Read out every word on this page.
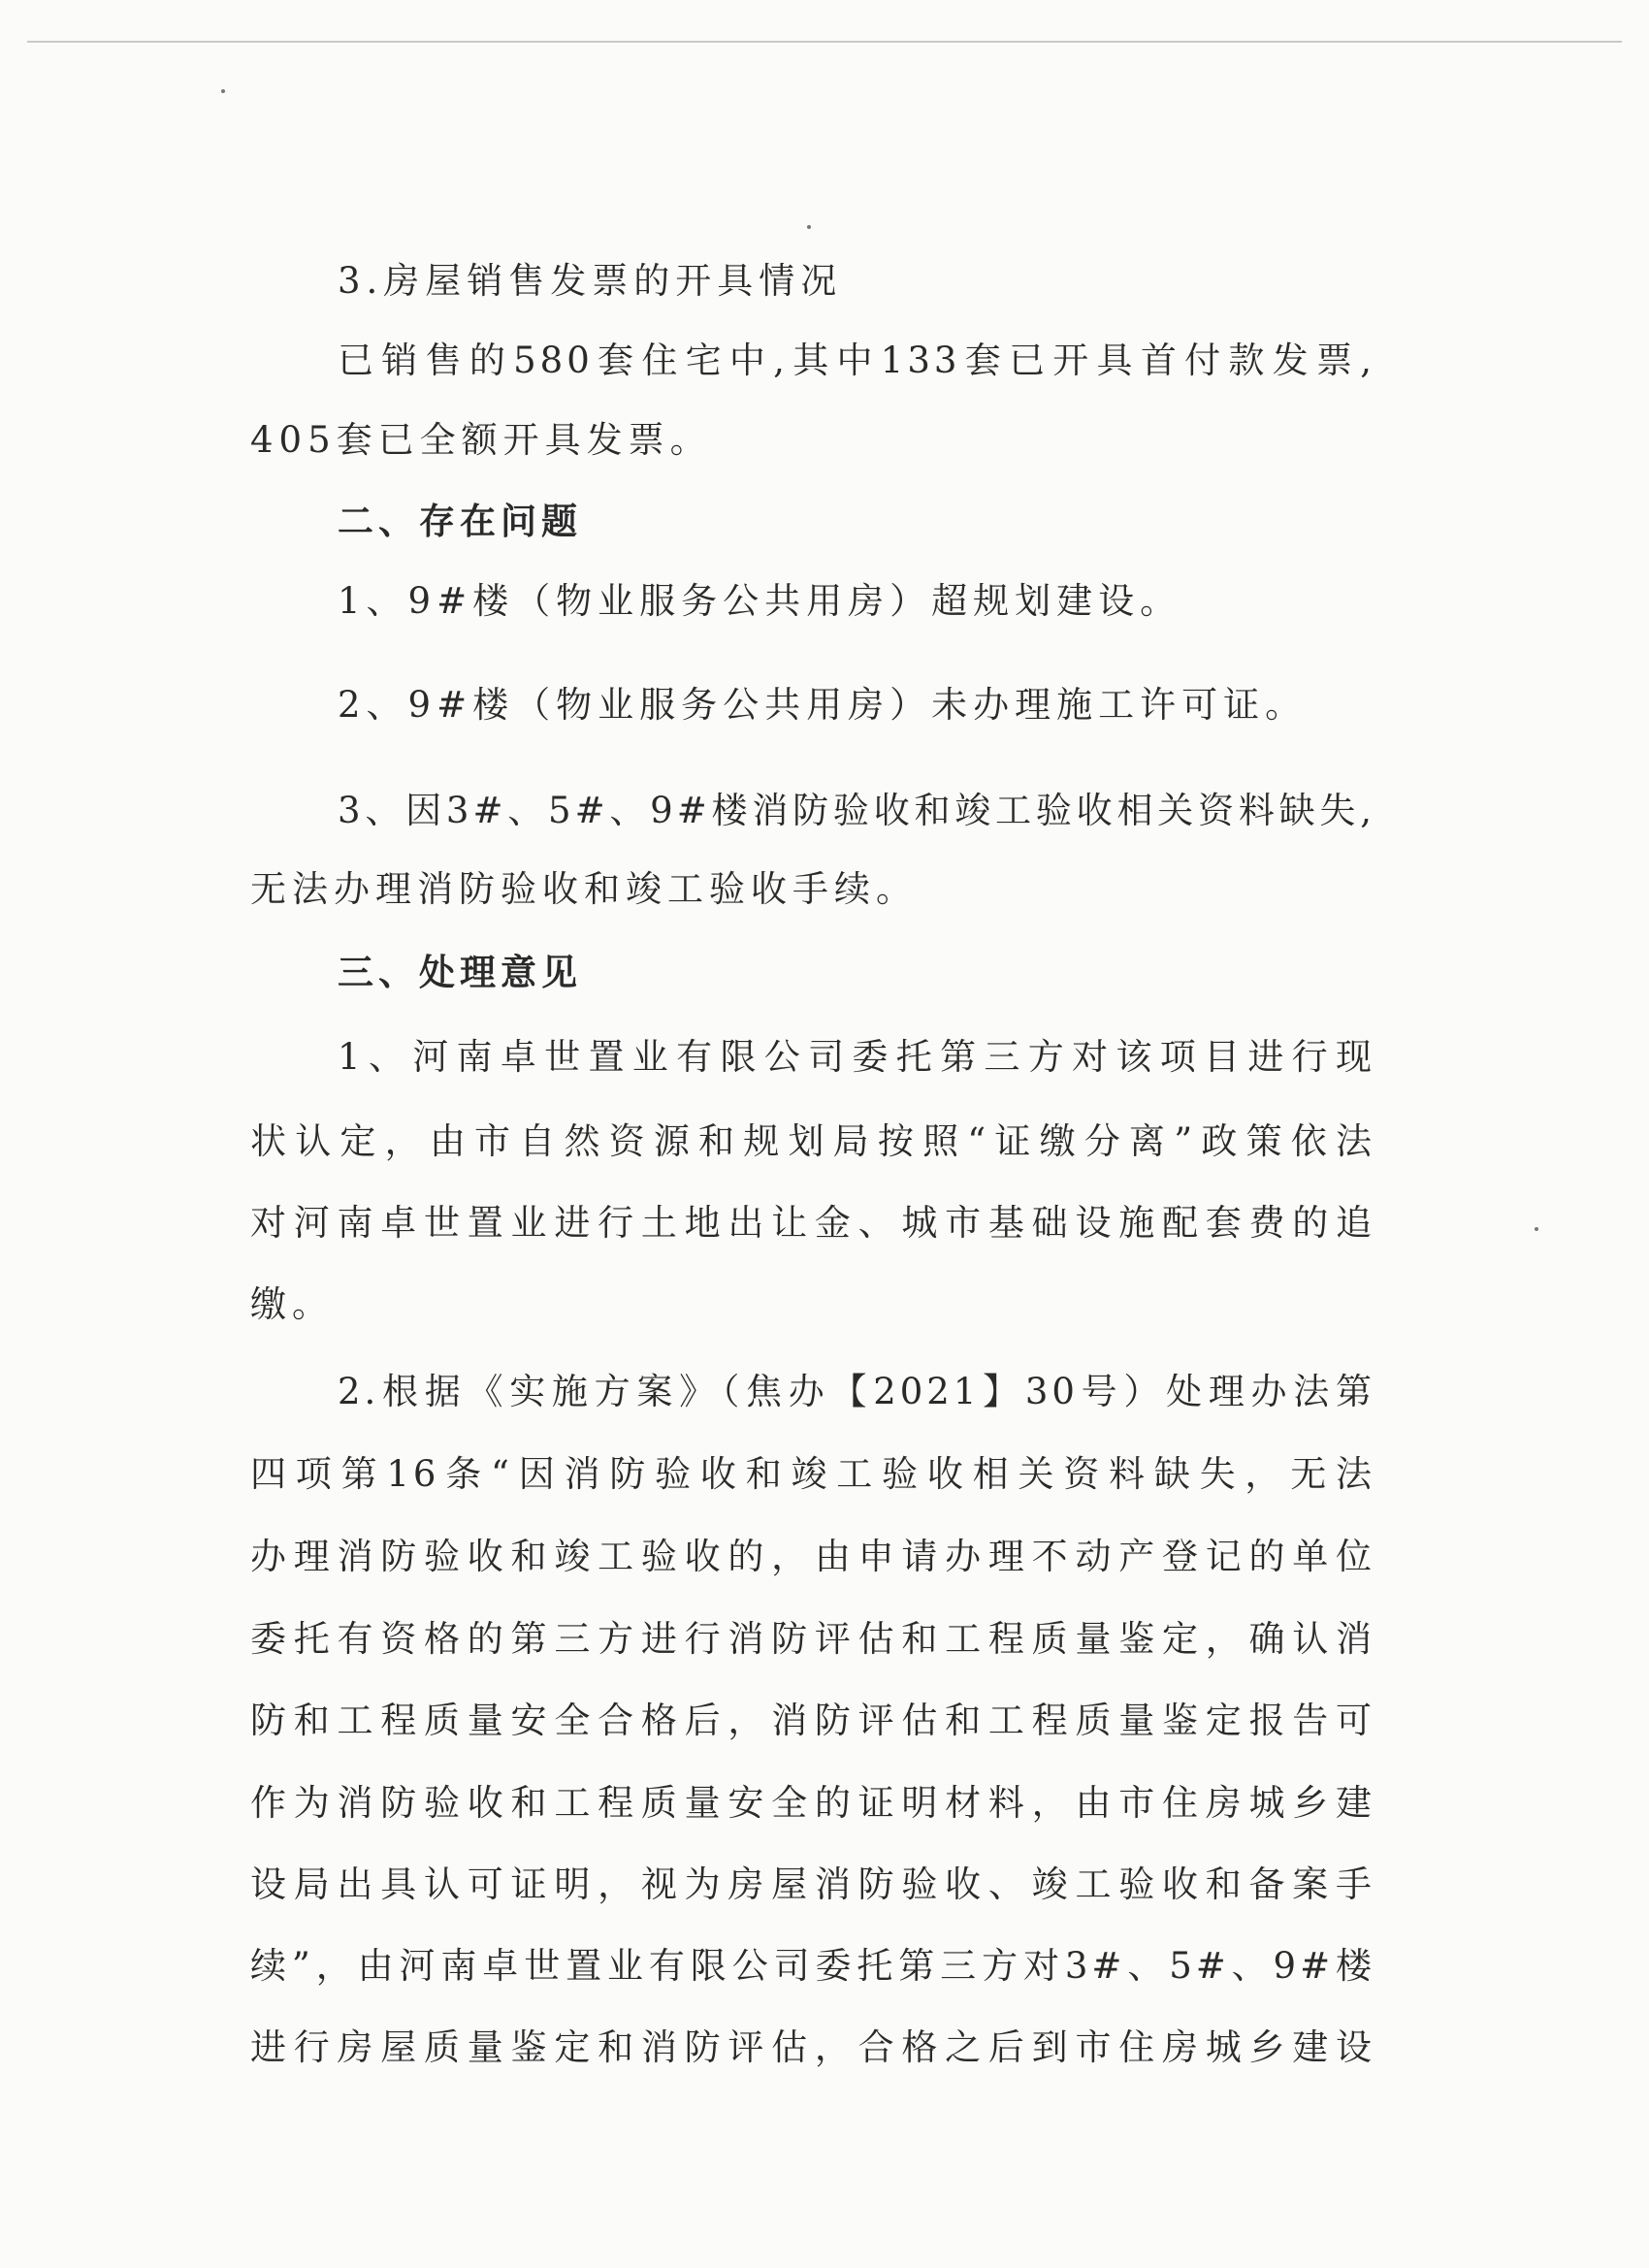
3.房屋销售发票的开具情况

已销售的580套住宅中,其中133套已开具首付款发票,

405套已全额开具发票。

二、存在问题

1、9#楼（物业服务公共用房）超规划建设。

2、9#楼（物业服务公共用房）未办理施工许可证。

3、因3#、5#、9#楼消防验收和竣工验收相关资料缺失,

无法办理消防验收和竣工验收手续。

三、处理意见

1、河南卓世置业有限公司委托第三方对该项目进行现

状认定，由市自然资源和规划局按照“证缴分离”政策依法

对河南卓世置业进行土地出让金、城市基础设施配套费的追

缴。

2.根据《实施方案》（焦办【2021】30号）处理办法第

四项第16条“因消防验收和竣工验收相关资料缺失，无法

办理消防验收和竣工验收的，由申请办理不动产登记的单位

委托有资格的第三方进行消防评估和工程质量鉴定，确认消

防和工程质量安全合格后，消防评估和工程质量鉴定报告可

作为消防验收和工程质量安全的证明材料，由市住房城乡建

设局出具认可证明，视为房屋消防验收、竣工验收和备案手

续”，由河南卓世置业有限公司委托第三方对3#、5#、9#楼

进行房屋质量鉴定和消防评估，合格之后到市住房城乡建设
